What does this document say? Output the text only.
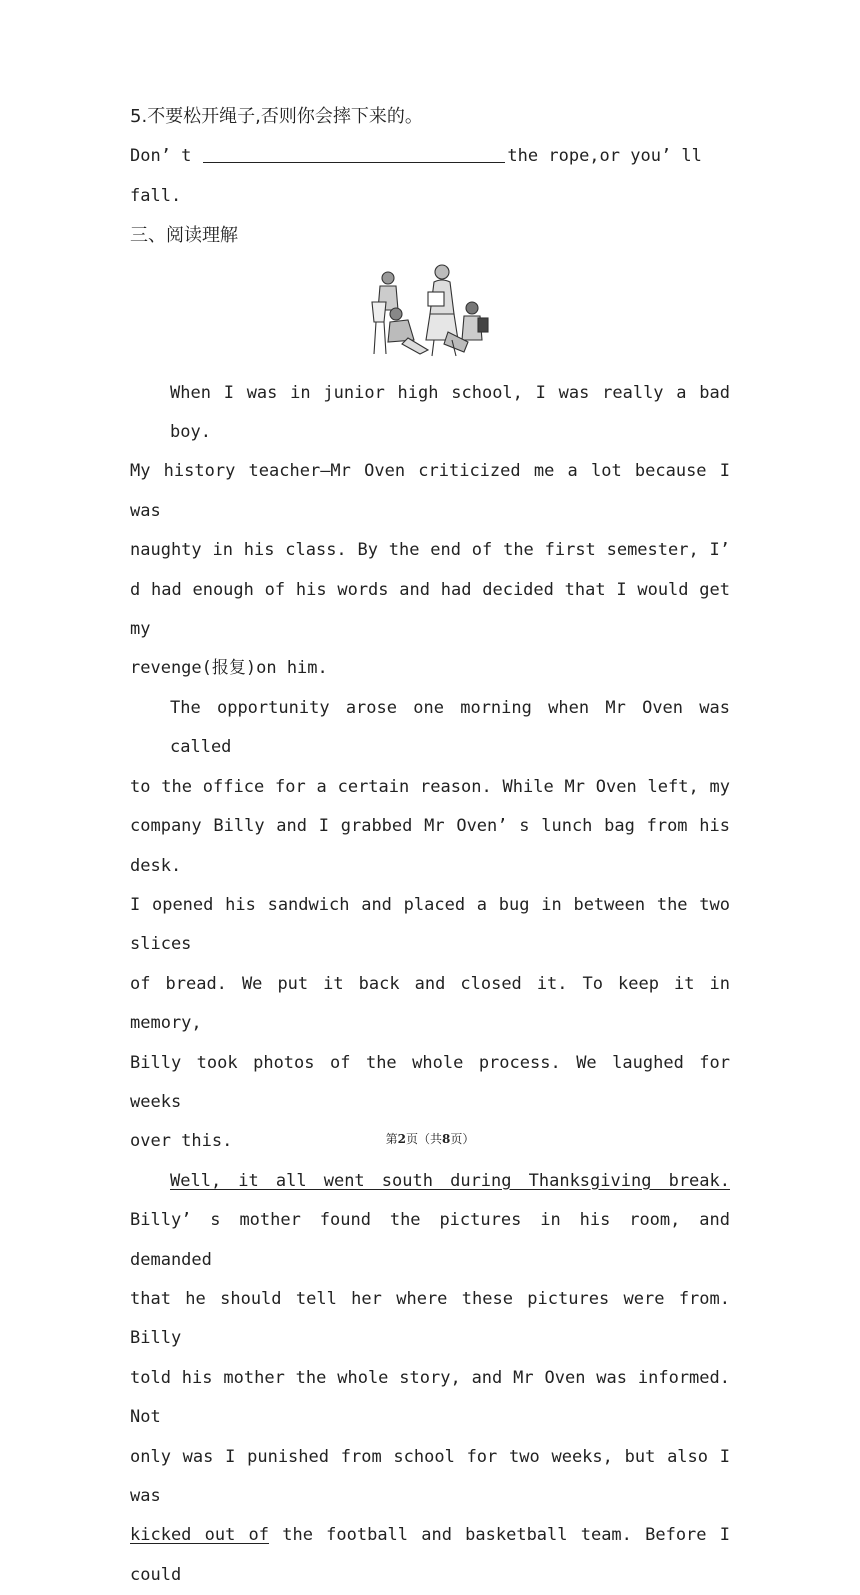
5.不要松开绳子,否则你会摔下来的。
Don’ t	the rope,or you’ ll
fall.
三、阅读理解
When I was in junior high school, I was really a bad boy.
My history teacher—Mr Oven criticized me a lot because I was
naughty in his class. By the end of the first semester, I’
d had enough of his words and had decided that I would get my
revenge(报复)on him.
The opportunity arose one morning when Mr Oven was called
to the office for a certain reason. While Mr Oven left, my
company Billy and I grabbed Mr Oven’ s lunch bag from his desk.
I opened his sandwich and placed a bug in between the two slices
of bread. We put it back and closed it. To keep it in memory,
Billy took photos of the whole process. We laughed for weeks
over this.
Well, it all went south during Thanksgiving break.
Billy’ s mother found the pictures in his room, and demanded
that he should tell her where these pictures were from. Billy
told his mother the whole story, and Mr Oven was informed. Not
only was I punished from school for two weeks, but also I was
kicked out of the football and basketball team. Before I could
第2页（共8页）
